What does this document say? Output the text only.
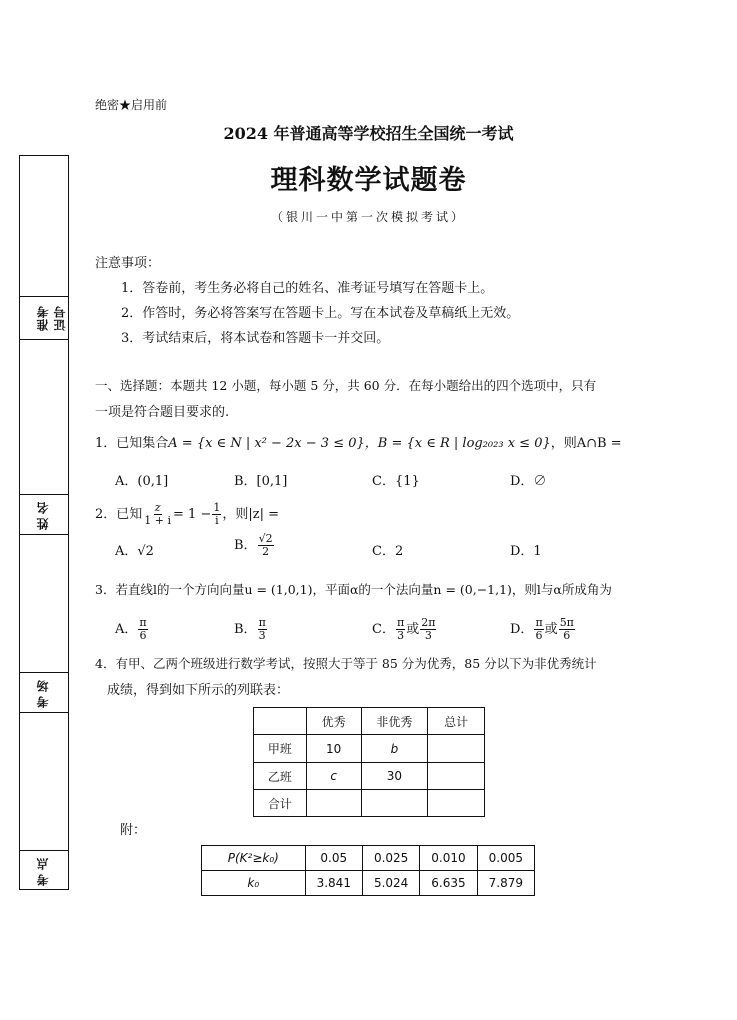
绝密★启用前
2024 年普通高等学校招生全国统一考试
理科数学试题卷
（银川一中第一次模拟考试）
准考证号
姓名
考场
考点
注意事项：
1．答卷前，考生务必将自己的姓名、准考证号填写在答题卡上。
2．作答时，务必将答案写在答题卡上。写在本试卷及草稿纸上无效。
3．考试结束后，将本试卷和答题卡一并交回。
一、选择题：本题共 12 小题，每小题 5 分，共 60 分．在每小题给出的四个选项中，只有
一项是符合题目要求的.
1．已知集合A = {x ∈ N | x² − 2x − 3 ≤ 0}，B = {x ∈ R | log₂₀₂₃ x ≤ 0}，则A∩B =
A．(0,1]	B．[0,1]	C．{1}	D．∅
2．已知 $\frac{z}{1 + i} = 1 - \frac{1}{i}$ ，则|z| =
A．√2	B． $\frac{√2}{2}$	C．2	D．1
3．若直线l的一个方向向量u = (1,0,1)，平面α的一个法向量n = (0,−1,1)，则l与α所成角为
A． $\frac{\pi}{6}$	B． $\frac{\pi}{3}$	C． $\frac{\pi}{3}$ 或 $\frac{2\pi}{3}$	D． $\frac{\pi}{6}$ 或 $\frac{5\pi}{6}$
4．有甲、乙两个班级进行数学考试，按照大于等于 85 分为优秀，85 分以下为非优秀统计
成绩，得到如下所示的列联表：
	优秀	非优秀	总计
甲班	10	b	
乙班	c	30	
合计			
附：
P(K²≥k₀)	0.05	0.025	0.010	0.005
k₀	3.841	5.024	6.635	7.879
